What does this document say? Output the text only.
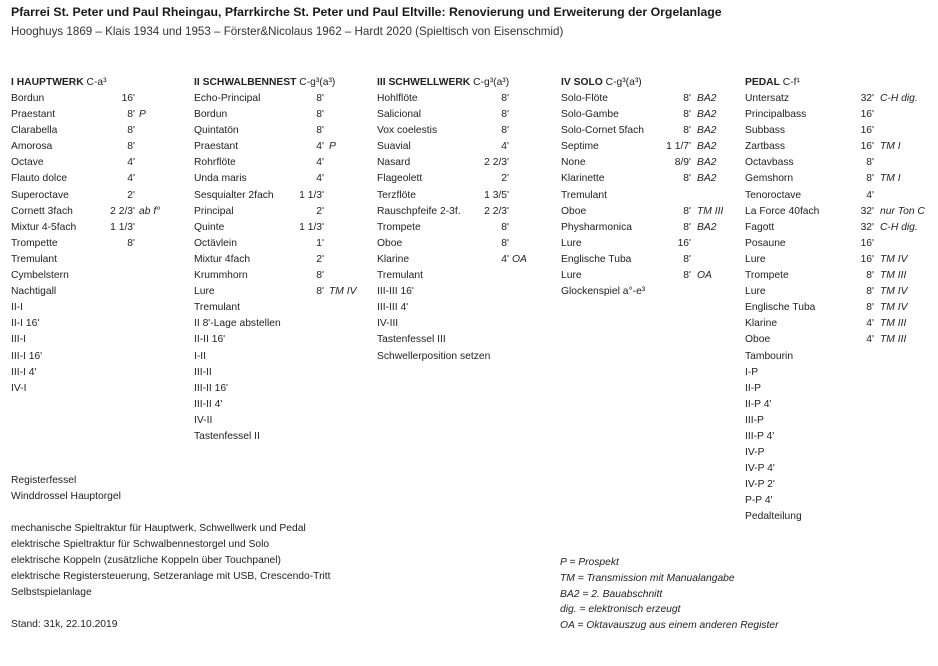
Pfarrei St. Peter und Paul Rheingau, Pfarrkirche St. Peter und Paul Eltville: Renovierung und Erweiterung der Orgelanlage
Hooghuys 1869 – Klais 1934 und 1953 – Förster&Nicolaus 1962 – Hardt 2020 (Spieltisch von Eisenschmid)
I HAUPTWERK C-a³
Bordun	16'
Praestant	8' P
Clarabella	8'
Amorosa	8'
Octave	4'
Flauto dolce	4'
Superoctave	2'
Cornett 3fach	2 2/3' ab f°
Mixtur 4-5fach	1 1/3'
Trompette	8'
Tremulant
Cymbelstern
Nachtigall
II-I
II-I 16'
III-I
III-I 16'
III-I 4'
IV-I
II SCHWALBENNEST C-g³(a³)
Echo-Principal	8'
Bordun	8'
Quintatön	8'
Praestant	4' P
Rohrflöte	4'
Unda maris	4'
Sesquialter 2fach	1 1/3'
Principal	2'
Quinte	1 1/3'
Octävlein	1'
Mixtur 4fach	2'
Krummhorn	8'
Lure	8' TM IV
Tremulant
II 8'-Lage abstellen
II-II 16'
I-II
III-II
III-II 16'
III-II 4'
IV-II
Tastenfessel II
III SCHWELLWERK C-g³(a³)
Hohlflöte	8'
Salicional	8'
Vox coelestis	8'
Suavial	4'
Nasard	2 2/3'
Flageolett	2'
Terzflöte	1 3/5'
Rauschpfeife 2-3f.	2 2/3'
Trompete	8'
Oboe	8'
Klarine	4' OA
Tremulant
III-III 16'
III-III 4'
IV-III
Tastenfessel III
Schwellerposition setzen
IV SOLO C-g³(a³)
Solo-Flöte	8' BA2
Solo-Gambe	8' BA2
Solo-Cornet 5fach	8' BA2
Septime	1 1/7' BA2
None	8/9' BA2
Klarinette	8' BA2
Tremulant
Oboe	8' TM III
Physharmonica	8' BA2
Lure	16'
Englische Tuba	8'
Lure	8' OA
Glockenspiel a°-e³
PEDAL C-f¹
Untersatz	32' C-H dig.
Principalbass	16'
Subbass	16'
Zartbass	16' TM I
Octavbass	8'
Gemshorn	8' TM I
Tenoroctave	4'
La Force 40fach	32' nur Ton C
Fagott	32' C-H dig.
Posaune	16'
Lure	16' TM IV
Trompete	8' TM III
Lure	8' TM IV
Englische Tuba	8' TM IV
Klarine	4' TM III
Oboe	4' TM III
Tambourin
I-P
II-P
II-P 4'
III-P
III-P 4'
IV-P
IV-P 4'
IV-P 2'
P-P 4'
Pedalteilung
Registerfessel
Winddrossel Hauptorgel
mechanische Spieltraktur für Hauptwerk, Schwellwerk und Pedal
elektrische Spieltraktur für Schwalbennestorgel und Solo
elektrische Koppeln (zusätzliche Koppeln über Touchpanel)
elektrische Registersteuerung, Setzeranlage mit USB, Crescendo-Tritt
Selbstspielanlage
Stand: 31k, 22.10.2019
P = Prospekt
TM = Transmission mit Manualangabe
BA2 = 2. Bauabschnitt
dig. = elektronisch erzeugt
OA = Oktavauszug aus einem anderen Register
